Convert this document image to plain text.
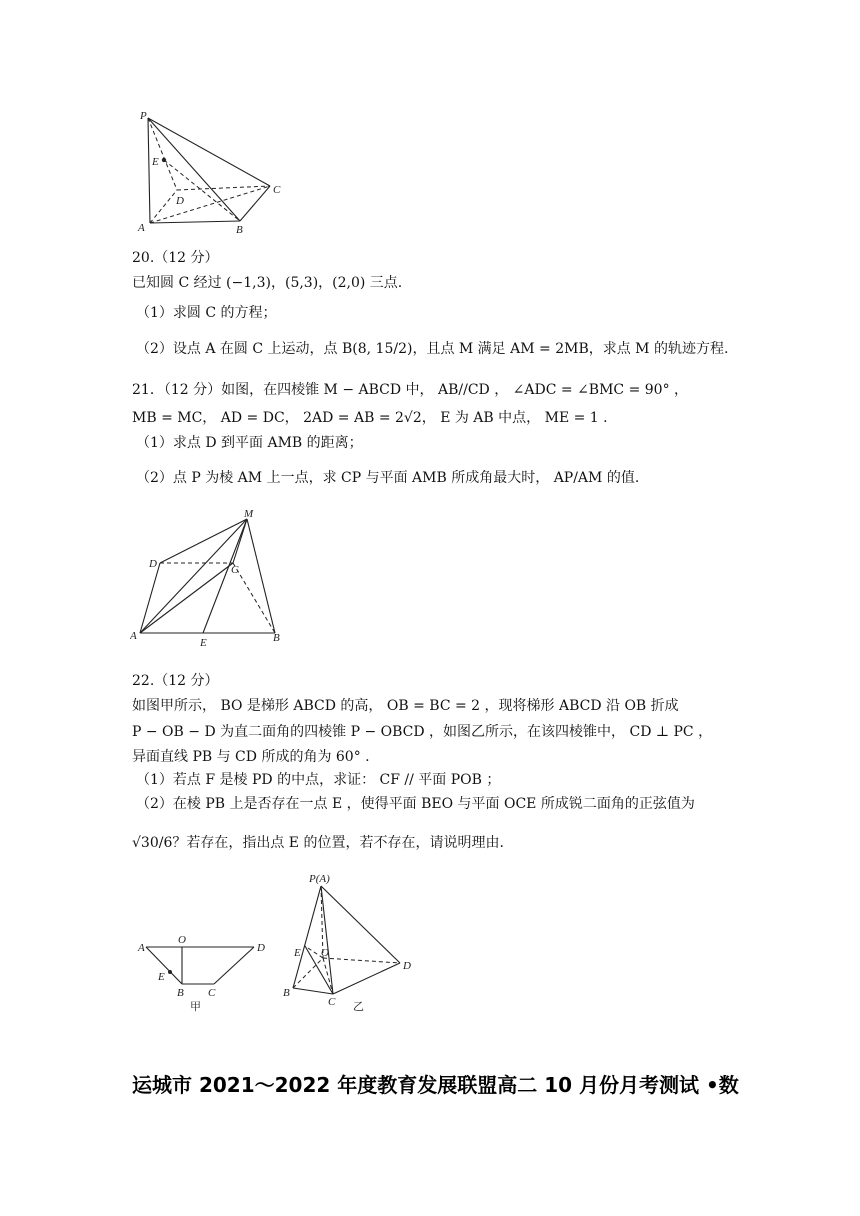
P
E
D
C
A	B
20.（12 分）
已知圆 C 经过 (−1,3)，(5,3)，(2,0) 三点.
（1）求圆 C 的方程；
（2）设点 A 在圆 C 上运动，点 B(8, 15/2)，且点 M 满足 AM = 2MB，求点 M 的轨迹方程.
21．（12 分）如图，在四棱锥 M − ABCD 中， AB//CD ， ∠ADC = ∠BMC = 90° ，
MB = MC， AD = DC， 2AD = AB = 2√2， E 为 AB 中点， ME = 1 .
（1）求点 D 到平面 AMB 的距离；
（2）点 P 为棱 AM 上一点，求 CP 与平面 AMB 所成角最大时， AP/AM 的值.
M
D	C
A
E	B
22.（12 分）
如图甲所示， BO 是梯形 ABCD 的高， OB = BC = 2 ，现将梯形 ABCD 沿 OB 折成
P − OB − D 为直二面角的四棱锥 P − OBCD ，如图乙所示，在该四棱锥中， CD ⊥ PC ，
异面直线 PB 与 CD 所成的角为 60° .
（1）若点 F 是棱 PD 的中点，求证： CF // 平面 POB ；
（2）在棱 PB 上是否存在一点 E ，使得平面 BEO 与平面 OCE 所成锐二面角的正弦值为
√30/6？若存在，指出点 E 的位置，若不存在，请说明理由.
A
O
D
E
B C
甲
P(A)
E O
D
B
C 乙
运城市 2021～2022 年度教育发展联盟高二 10 月份月考测试 •数
